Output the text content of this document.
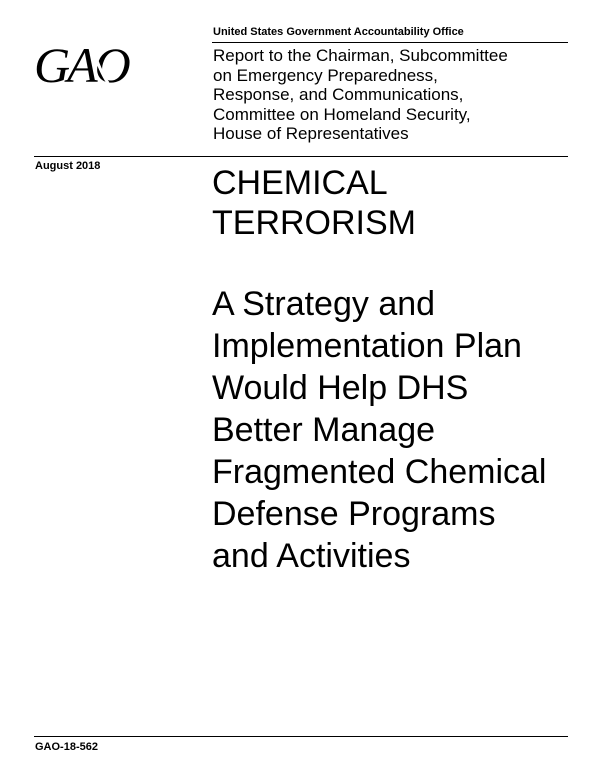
United States Government Accountability Office
GAO	Report to the Chairman, Subcommittee
on Emergency Preparedness,
Response, and Communications,
Committee on Homeland Security,
House of Representatives
August 2018	CHEMICAL
TERRORISM
A Strategy and
Implementation Plan
Would Help DHS
Better Manage
Fragmented Chemical
Defense Programs
and Activities
GAO-18-562
